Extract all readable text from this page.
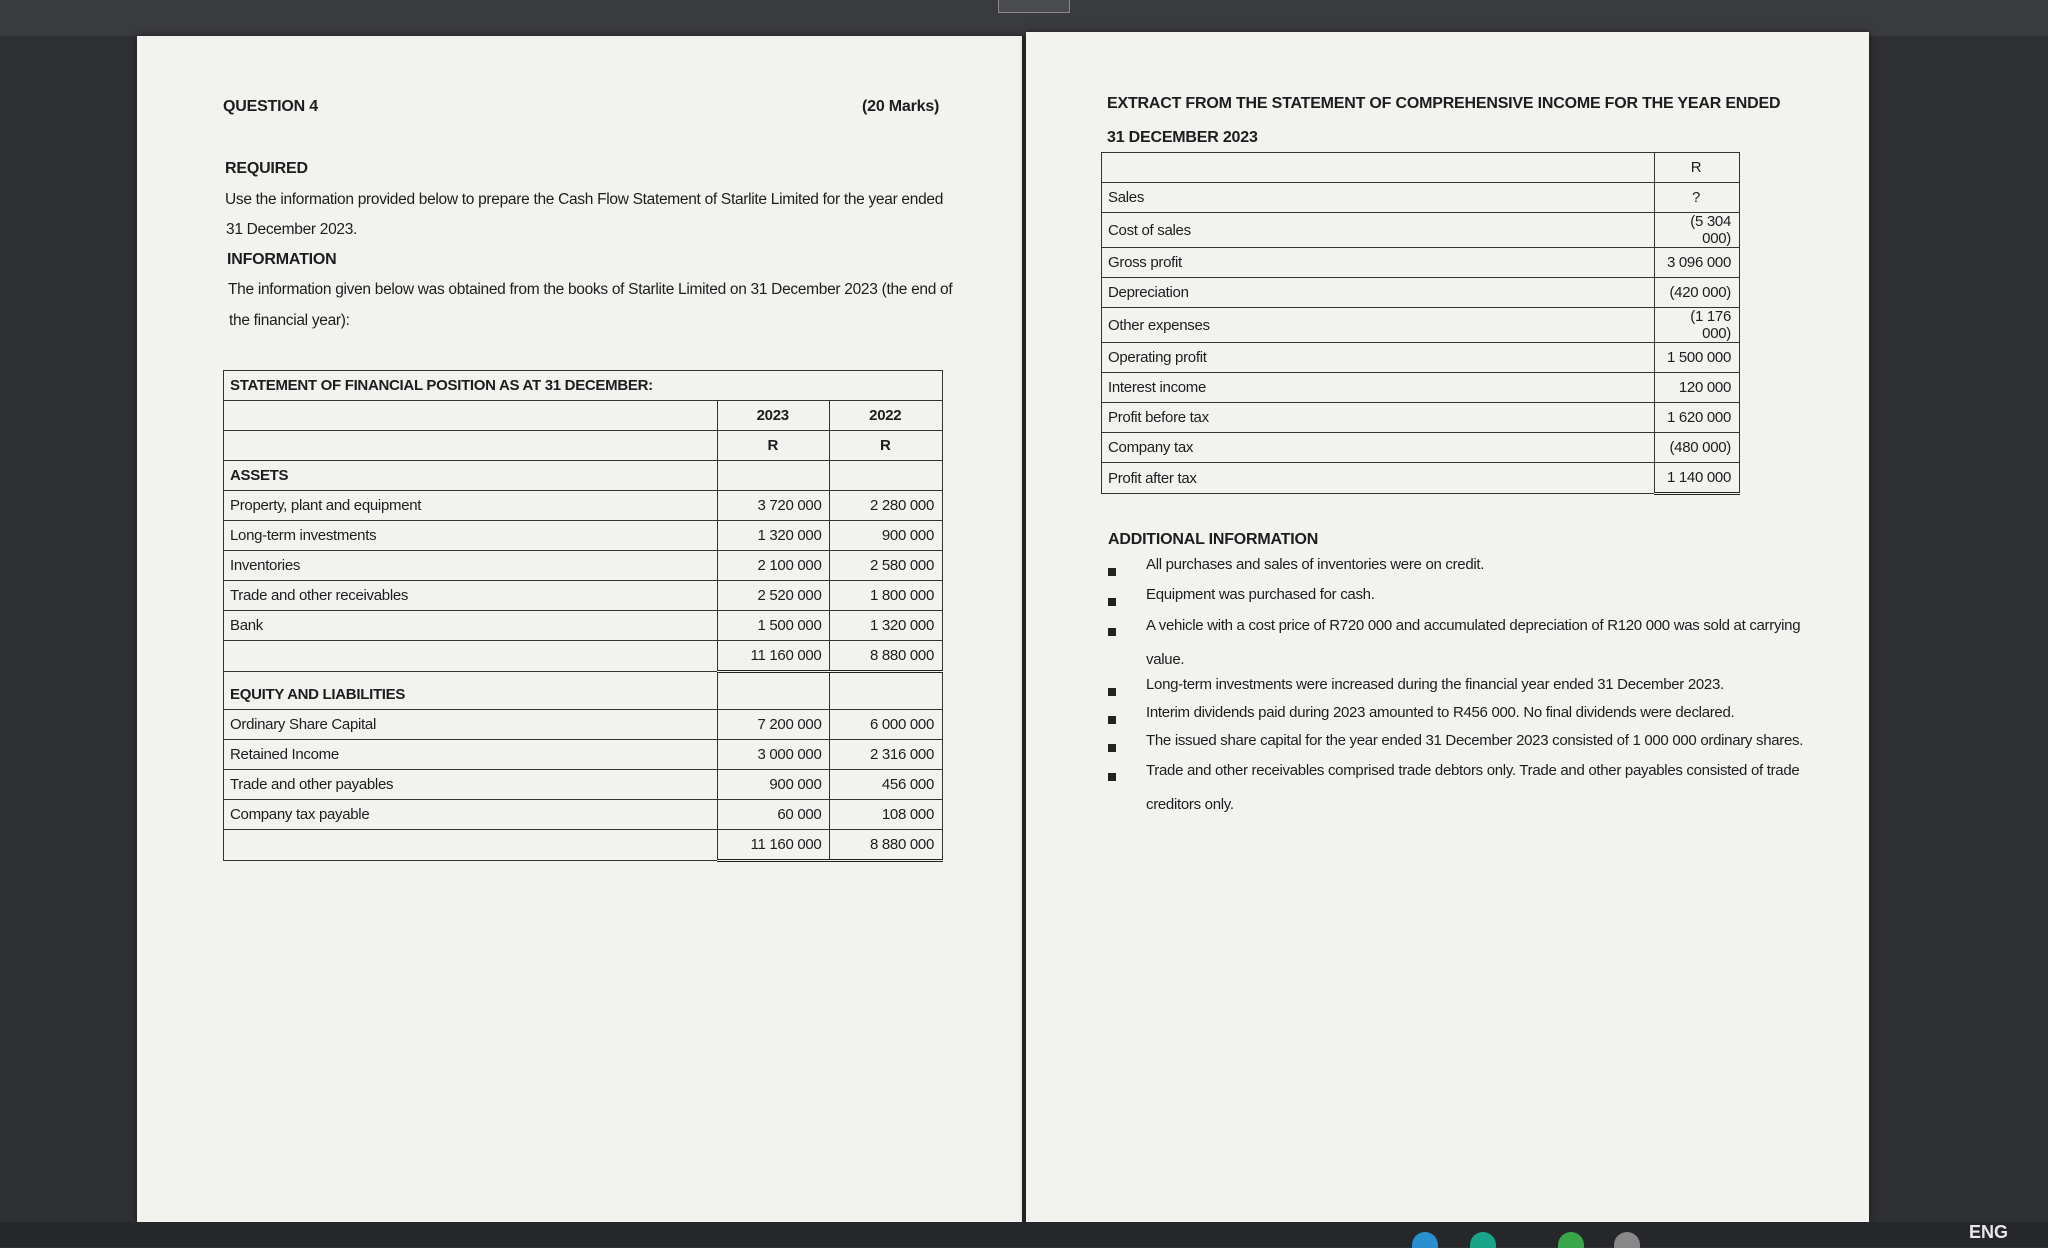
QUESTION 4	(20 Marks)
REQUIRED
Use the information provided below to prepare the Cash Flow Statement of Starlite Limited for the year ended
31 December 2023.
INFORMATION
The information given below was obtained from the books of Starlite Limited on 31 December 2023 (the end of
the financial year):
STATEMENT OF FINANCIAL POSITION AS AT 31 DECEMBER:		
	2023	2022
	R	R
ASSETS		
Property, plant and equipment	3 720 000	2 280 000
Long-term investments	1 320 000	900 000
Inventories	2 100 000	2 580 000
Trade and other receivables	2 520 000	1 800 000
Bank	1 500 000	1 320 000
	11 160 000	8 880 000
EQUITY AND LIABILITIES		
Ordinary Share Capital	7 200 000	6 000 000
Retained Income	3 000 000	2 316 000
Trade and other payables	900 000	456 000
Company tax payable	60 000	108 000
	11 160 000	8 880 000
EXTRACT FROM THE STATEMENT OF COMPREHENSIVE INCOME FOR THE YEAR ENDED
31 DECEMBER 2023
	R
Sales	?
Cost of sales	(5 304 000)
Gross profit	3 096 000
Depreciation	(420 000)
Other expenses	(1 176 000)
Operating profit	1 500 000
Interest income	120 000
Profit before tax	1 620 000
Company tax	(480 000)
Profit after tax	1 140 000
ADDITIONAL INFORMATION
All purchases and sales of inventories were on credit.
Equipment was purchased for cash.
A vehicle with a cost price of R720 000 and accumulated depreciation of R120 000 was sold at carrying value.
Long-term investments were increased during the financial year ended 31 December 2023.
Interim dividends paid during 2023 amounted to R456 000. No final dividends were declared.
The issued share capital for the year ended 31 December 2023 consisted of 1 000 000 ordinary shares.
Trade and other receivables comprised trade debtors only. Trade and other payables consisted of trade creditors only.
ENG
